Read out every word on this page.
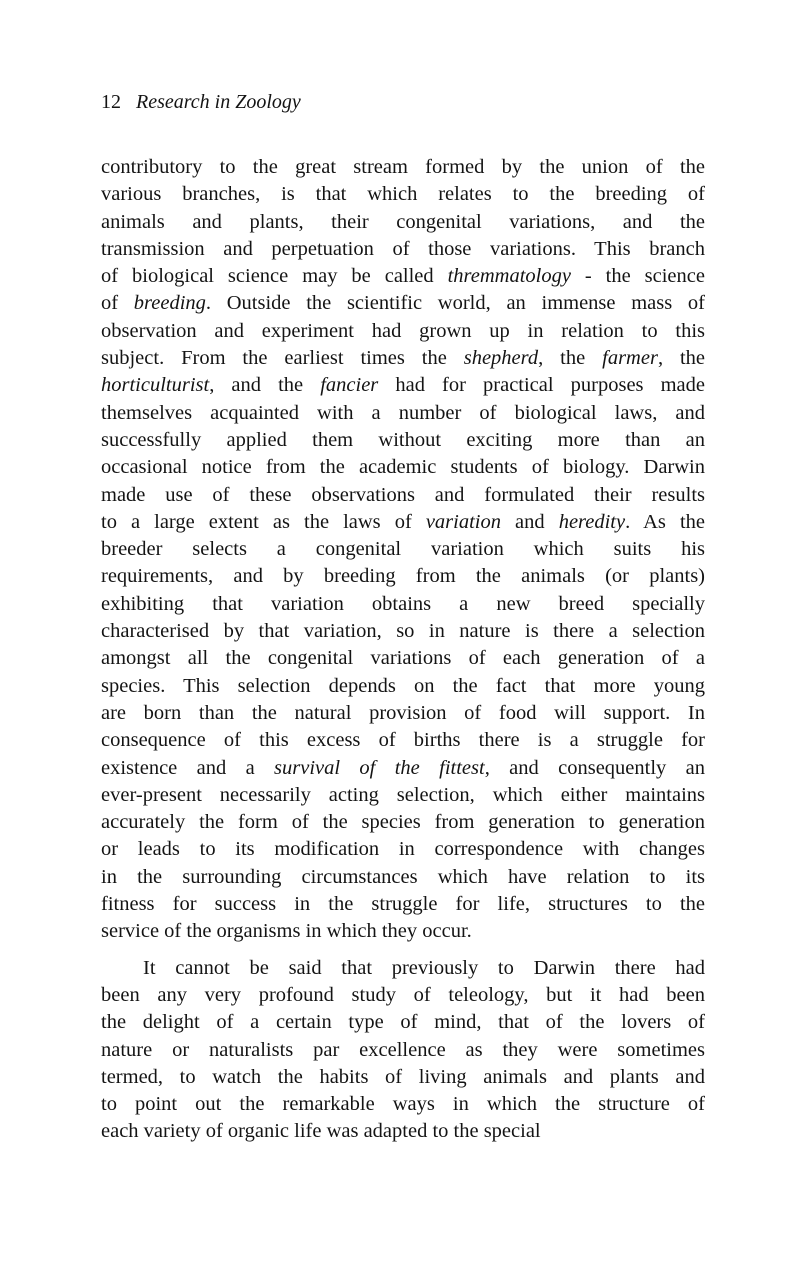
12 Research in Zoology
contributory to the great stream formed by the union of the
various branches, is that which relates to the breeding of
animals and plants, their congenital variations, and the
transmission and perpetuation of those variations. This branch
of biological science may be called thremmatology - the science
of breeding. Outside the scientific world, an immense mass of
observation and experiment had grown up in relation to this
subject. From the earliest times the shepherd, the farmer, the
horticulturist, and the fancier had for practical purposes made
themselves acquainted with a number of biological laws, and
successfully applied them without exciting more than an
occasional notice from the academic students of biology. Darwin
made use of these observations and formulated their results
to a large extent as the laws of variation and heredity. As the
breeder selects a congenital variation which suits his
requirements, and by breeding from the animals (or plants)
exhibiting that variation obtains a new breed specially
characterised by that variation, so in nature is there a selection
amongst all the congenital variations of each generation of a
species. This selection depends on the fact that more young
are born than the natural provision of food will support. In
consequence of this excess of births there is a struggle for
existence and a survival of the fittest, and consequently an
ever-present necessarily acting selection, which either maintains
accurately the form of the species from generation to generation
or leads to its modification in correspondence with changes
in the surrounding circumstances which have relation to its
fitness for success in the struggle for life, structures to the
service of the organisms in which they occur.
It cannot be said that previously to Darwin there had
been any very profound study of teleology, but it had been
the delight of a certain type of mind, that of the lovers of
nature or naturalists par excellence as they were sometimes
termed, to watch the habits of living animals and plants and
to point out the remarkable ways in which the structure of
each variety of organic life was adapted to the special
